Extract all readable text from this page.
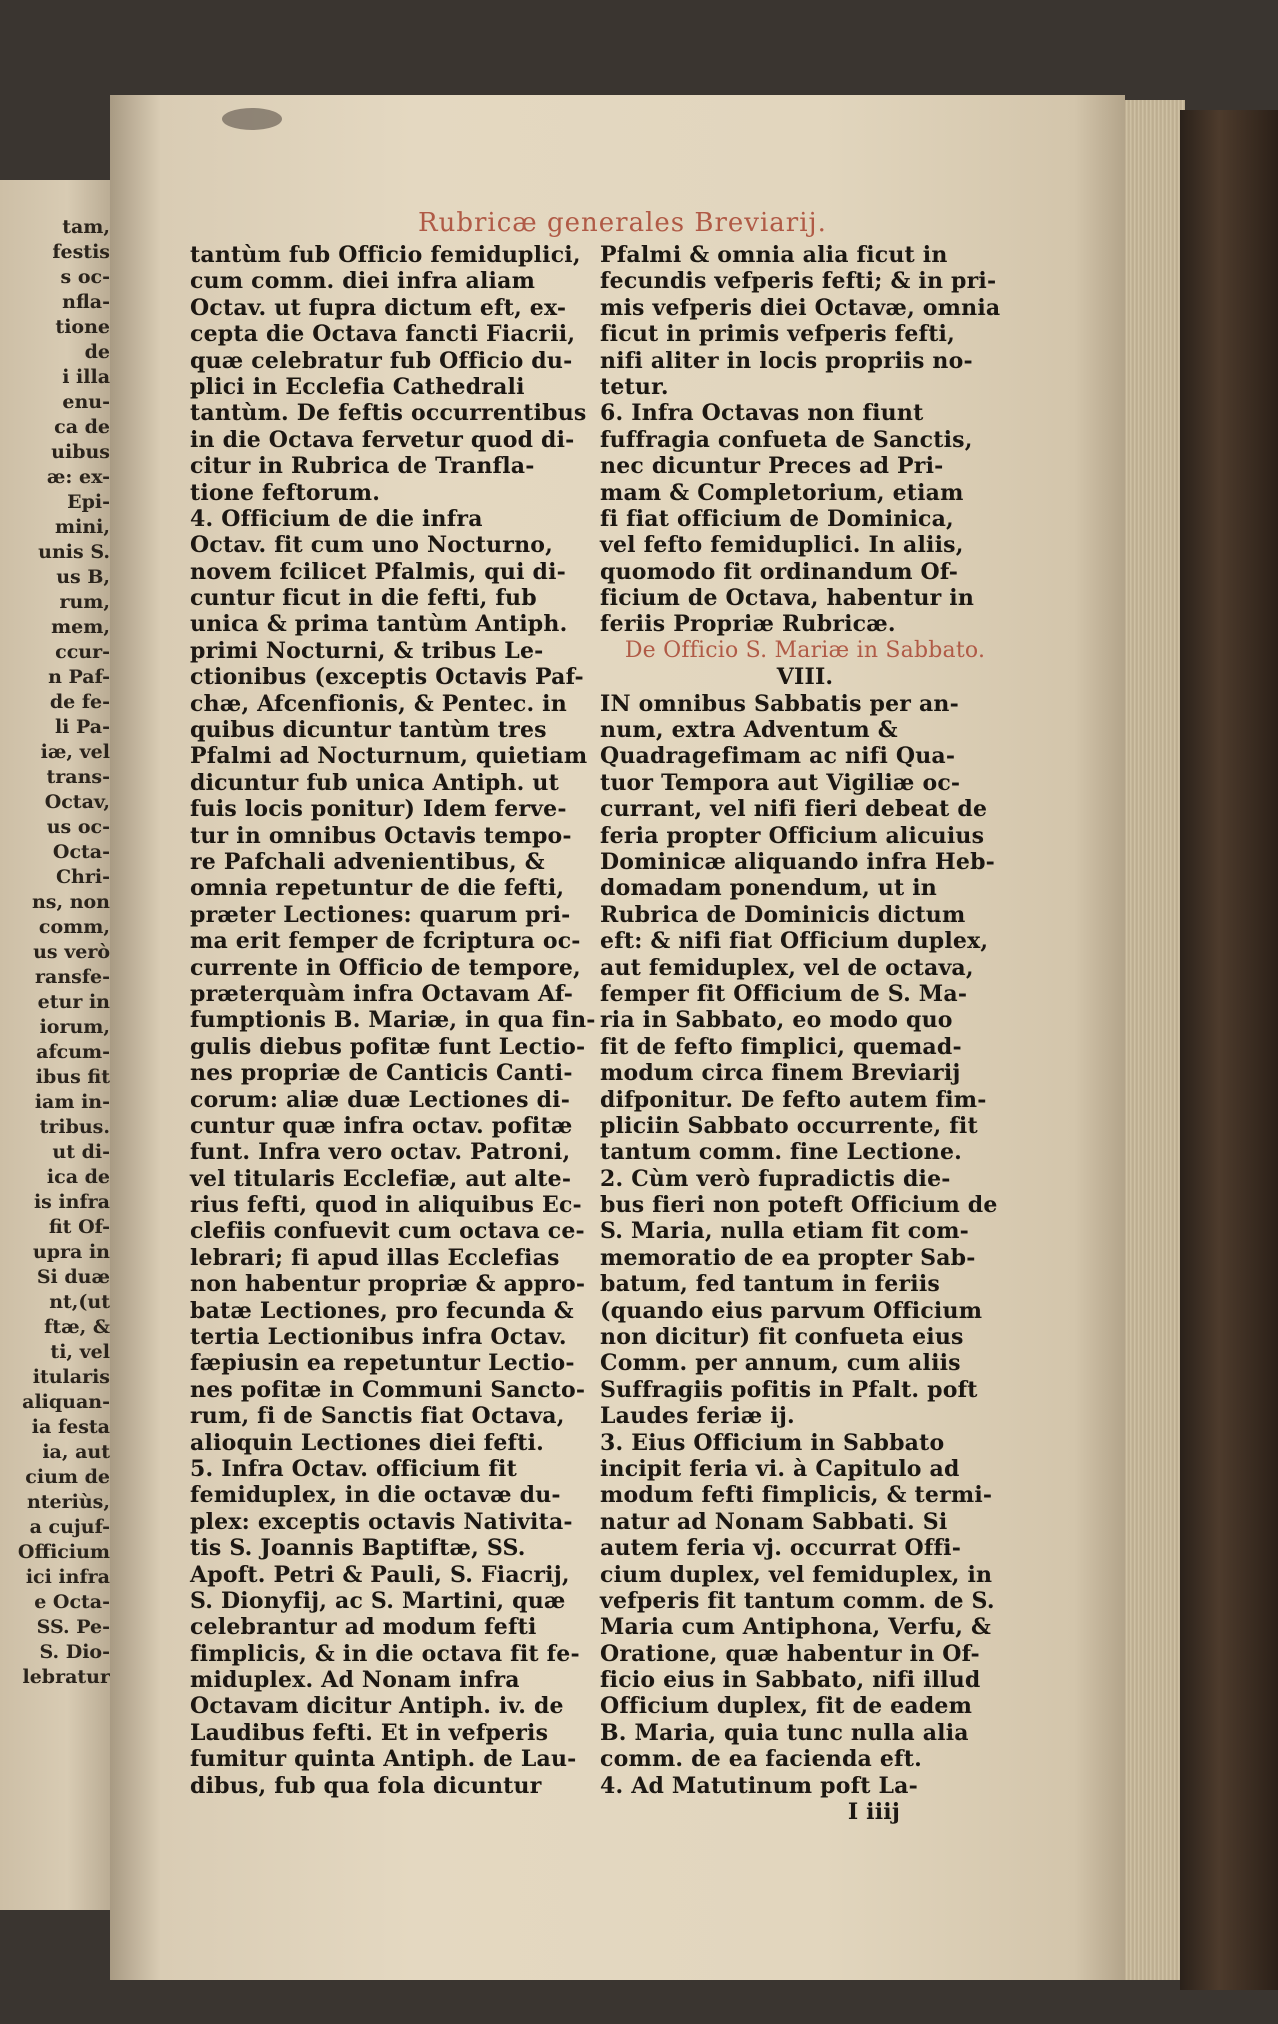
tam,
festis
s oc-
nfla-
tione
de
i illa
enu-
ca de
uibus
æ: ex-
Epi-
mini,
unis S.
us B,
rum,
mem,
ccur-
n Paf-
de fe-
li Pa-
iæ, vel
trans-
Octav,
us oc-
Octa-
Chri-
ns, non
comm,
us verò
ransfe-
etur in
iorum,
afcum-
ibus fit
iam in-
tribus.
ut di-
ica de
is infra
fit Of-
upra in
Si duæ
nt,(ut
ftæ, &
ti, vel
itularis
aliquan-
ia festa
ia, aut
cium de
nteriùs,
a cujuf-
Officium
ici infra
e Octa-
SS. Pe-
S. Dio-
lebratur
Rubricæ generales Breviarij.
tantùm fub Officio femiduplici,
cum comm. diei infra aliam
Octav. ut fupra dictum eft, ex-
cepta die Octava fancti Fiacrii,
quæ celebratur fub Officio du-
plici in Ecclefia Cathedrali
tantùm. De feftis occurrentibus
in die Octava fervetur quod di-
citur in Rubrica de Tranfla-
tione feftorum.
4. Officium de die infra
Octav. fit cum uno Nocturno,
novem fcilicet Pfalmis, qui di-
cuntur ficut in die fefti, fub
unica & prima tantùm Antiph.
primi Nocturni, & tribus Le-
ctionibus (exceptis Octavis Paf-
chæ, Afcenfionis, & Pentec. in
quibus dicuntur tantùm tres
Pfalmi ad Nocturnum, quietiam
dicuntur fub unica Antiph. ut
fuis locis ponitur) Idem ferve-
tur in omnibus Octavis tempo-
re Pafchali advenientibus, &
omnia repetuntur de die fefti,
præter Lectiones: quarum pri-
ma erit femper de fcriptura oc-
currente in Officio de tempore,
præterquàm infra Octavam Af-
fumptionis B. Mariæ, in qua fin-
gulis diebus pofitæ funt Lectio-
nes propriæ de Canticis Canti-
corum: aliæ duæ Lectiones di-
cuntur quæ infra octav. pofitæ
funt. Infra vero octav. Patroni,
vel titularis Ecclefiæ, aut alte-
rius fefti, quod in aliquibus Ec-
clefiis confuevit cum octava ce-
lebrari; fi apud illas Ecclefias
non habentur propriæ & appro-
batæ Lectiones, pro fecunda &
tertia Lectionibus infra Octav.
fæpiusin ea repetuntur Lectio-
nes pofitæ in Communi Sancto-
rum, fi de Sanctis fiat Octava,
alioquin Lectiones diei fefti.
5. Infra Octav. officium fit
femiduplex, in die octavæ du-
plex: exceptis octavis Nativita-
tis S. Joannis Baptiftæ, SS.
Apoft. Petri & Pauli, S. Fiacrij,
S. Dionyfij, ac S. Martini, quæ
celebrantur ad modum fefti
fimplicis, & in die octava fit fe-
miduplex. Ad Nonam infra
Octavam dicitur Antiph. iv. de
Laudibus fefti. Et in vefperis
fumitur quinta Antiph. de Lau-
dibus, fub qua fola dicuntur
Pfalmi & omnia alia ficut in
fecundis vefperis fefti; & in pri-
mis vefperis diei Octavæ, omnia
ficut in primis vefperis fefti,
nifi aliter in locis propriis no-
tetur.
6. Infra Octavas non fiunt
fuffragia confueta de Sanctis,
nec dicuntur Preces ad Pri-
mam & Completorium, etiam
fi fiat officium de Dominica,
vel fefto femiduplici. In aliis,
quomodo fit ordinandum Of-
ficium de Octava, habentur in
feriis Propriæ Rubricæ.
De Officio S. Mariæ in Sabbato.
VIII.
IN omnibus Sabbatis per an-
num, extra Adventum &
Quadragefimam ac nifi Qua-
tuor Tempora aut Vigiliæ oc-
currant, vel nifi fieri debeat de
feria propter Officium alicuius
Dominicæ aliquando infra Heb-
domadam ponendum, ut in
Rubrica de Dominicis dictum
eft: & nifi fiat Officium duplex,
aut femiduplex, vel de octava,
femper fit Officium de S. Ma-
ria in Sabbato, eo modo quo
fit de fefto fimplici, quemad-
modum circa finem Breviarij
difponitur. De fefto autem fim-
pliciin Sabbato occurrente, fit
tantum comm. fine Lectione.
2. Cùm verò fupradictis die-
bus fieri non poteft Officium de
S. Maria, nulla etiam fit com-
memoratio de ea propter Sab-
batum, fed tantum in feriis
(quando eius parvum Officium
non dicitur) fit confueta eius
Comm. per annum, cum aliis
Suffragiis pofitis in Pfalt. poft
Laudes feriæ ij.
3. Eius Officium in Sabbato
incipit feria vi. à Capitulo ad
modum fefti fimplicis, & termi-
natur ad Nonam Sabbati. Si
autem feria vj. occurrat Offi-
cium duplex, vel femiduplex, in
vefperis fit tantum comm. de S.
Maria cum Antiphona, Verfu, &
Oratione, quæ habentur in Of-
ficio eius in Sabbato, nifi illud
Officium duplex, fit de eadem
B. Maria, quia tunc nulla alia
comm. de ea facienda eft.
4. Ad Matutinum poft La-
I iiij
